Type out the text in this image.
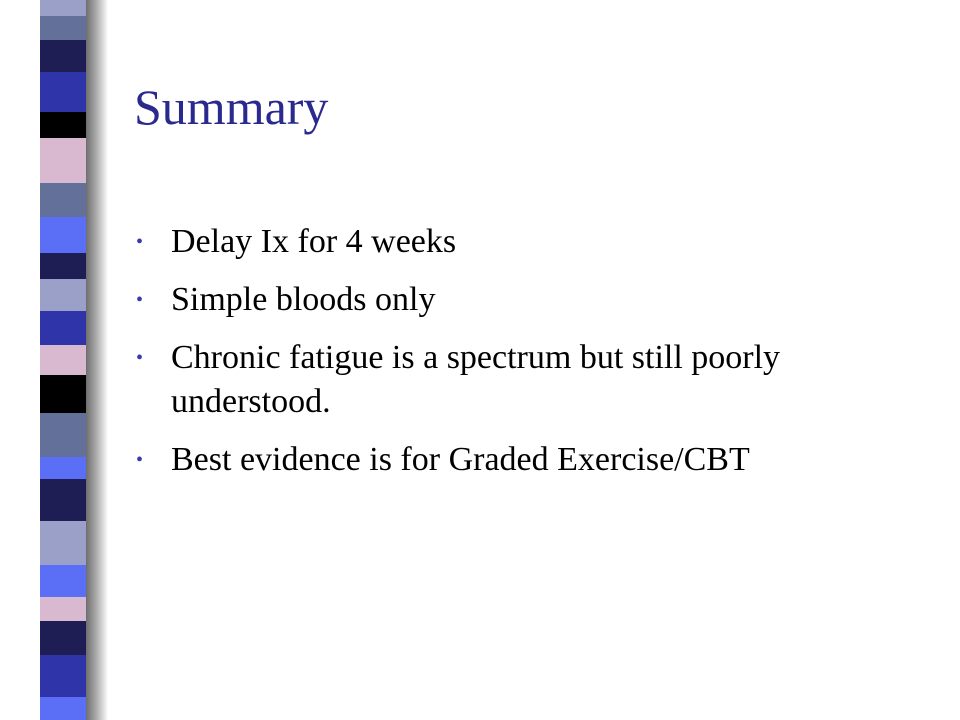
Summary
• Delay Ix for 4 weeks
• Simple bloods only
• Chronic fatigue is a spectrum but still poorly understood.
• Best evidence is for Graded Exercise/CBT
